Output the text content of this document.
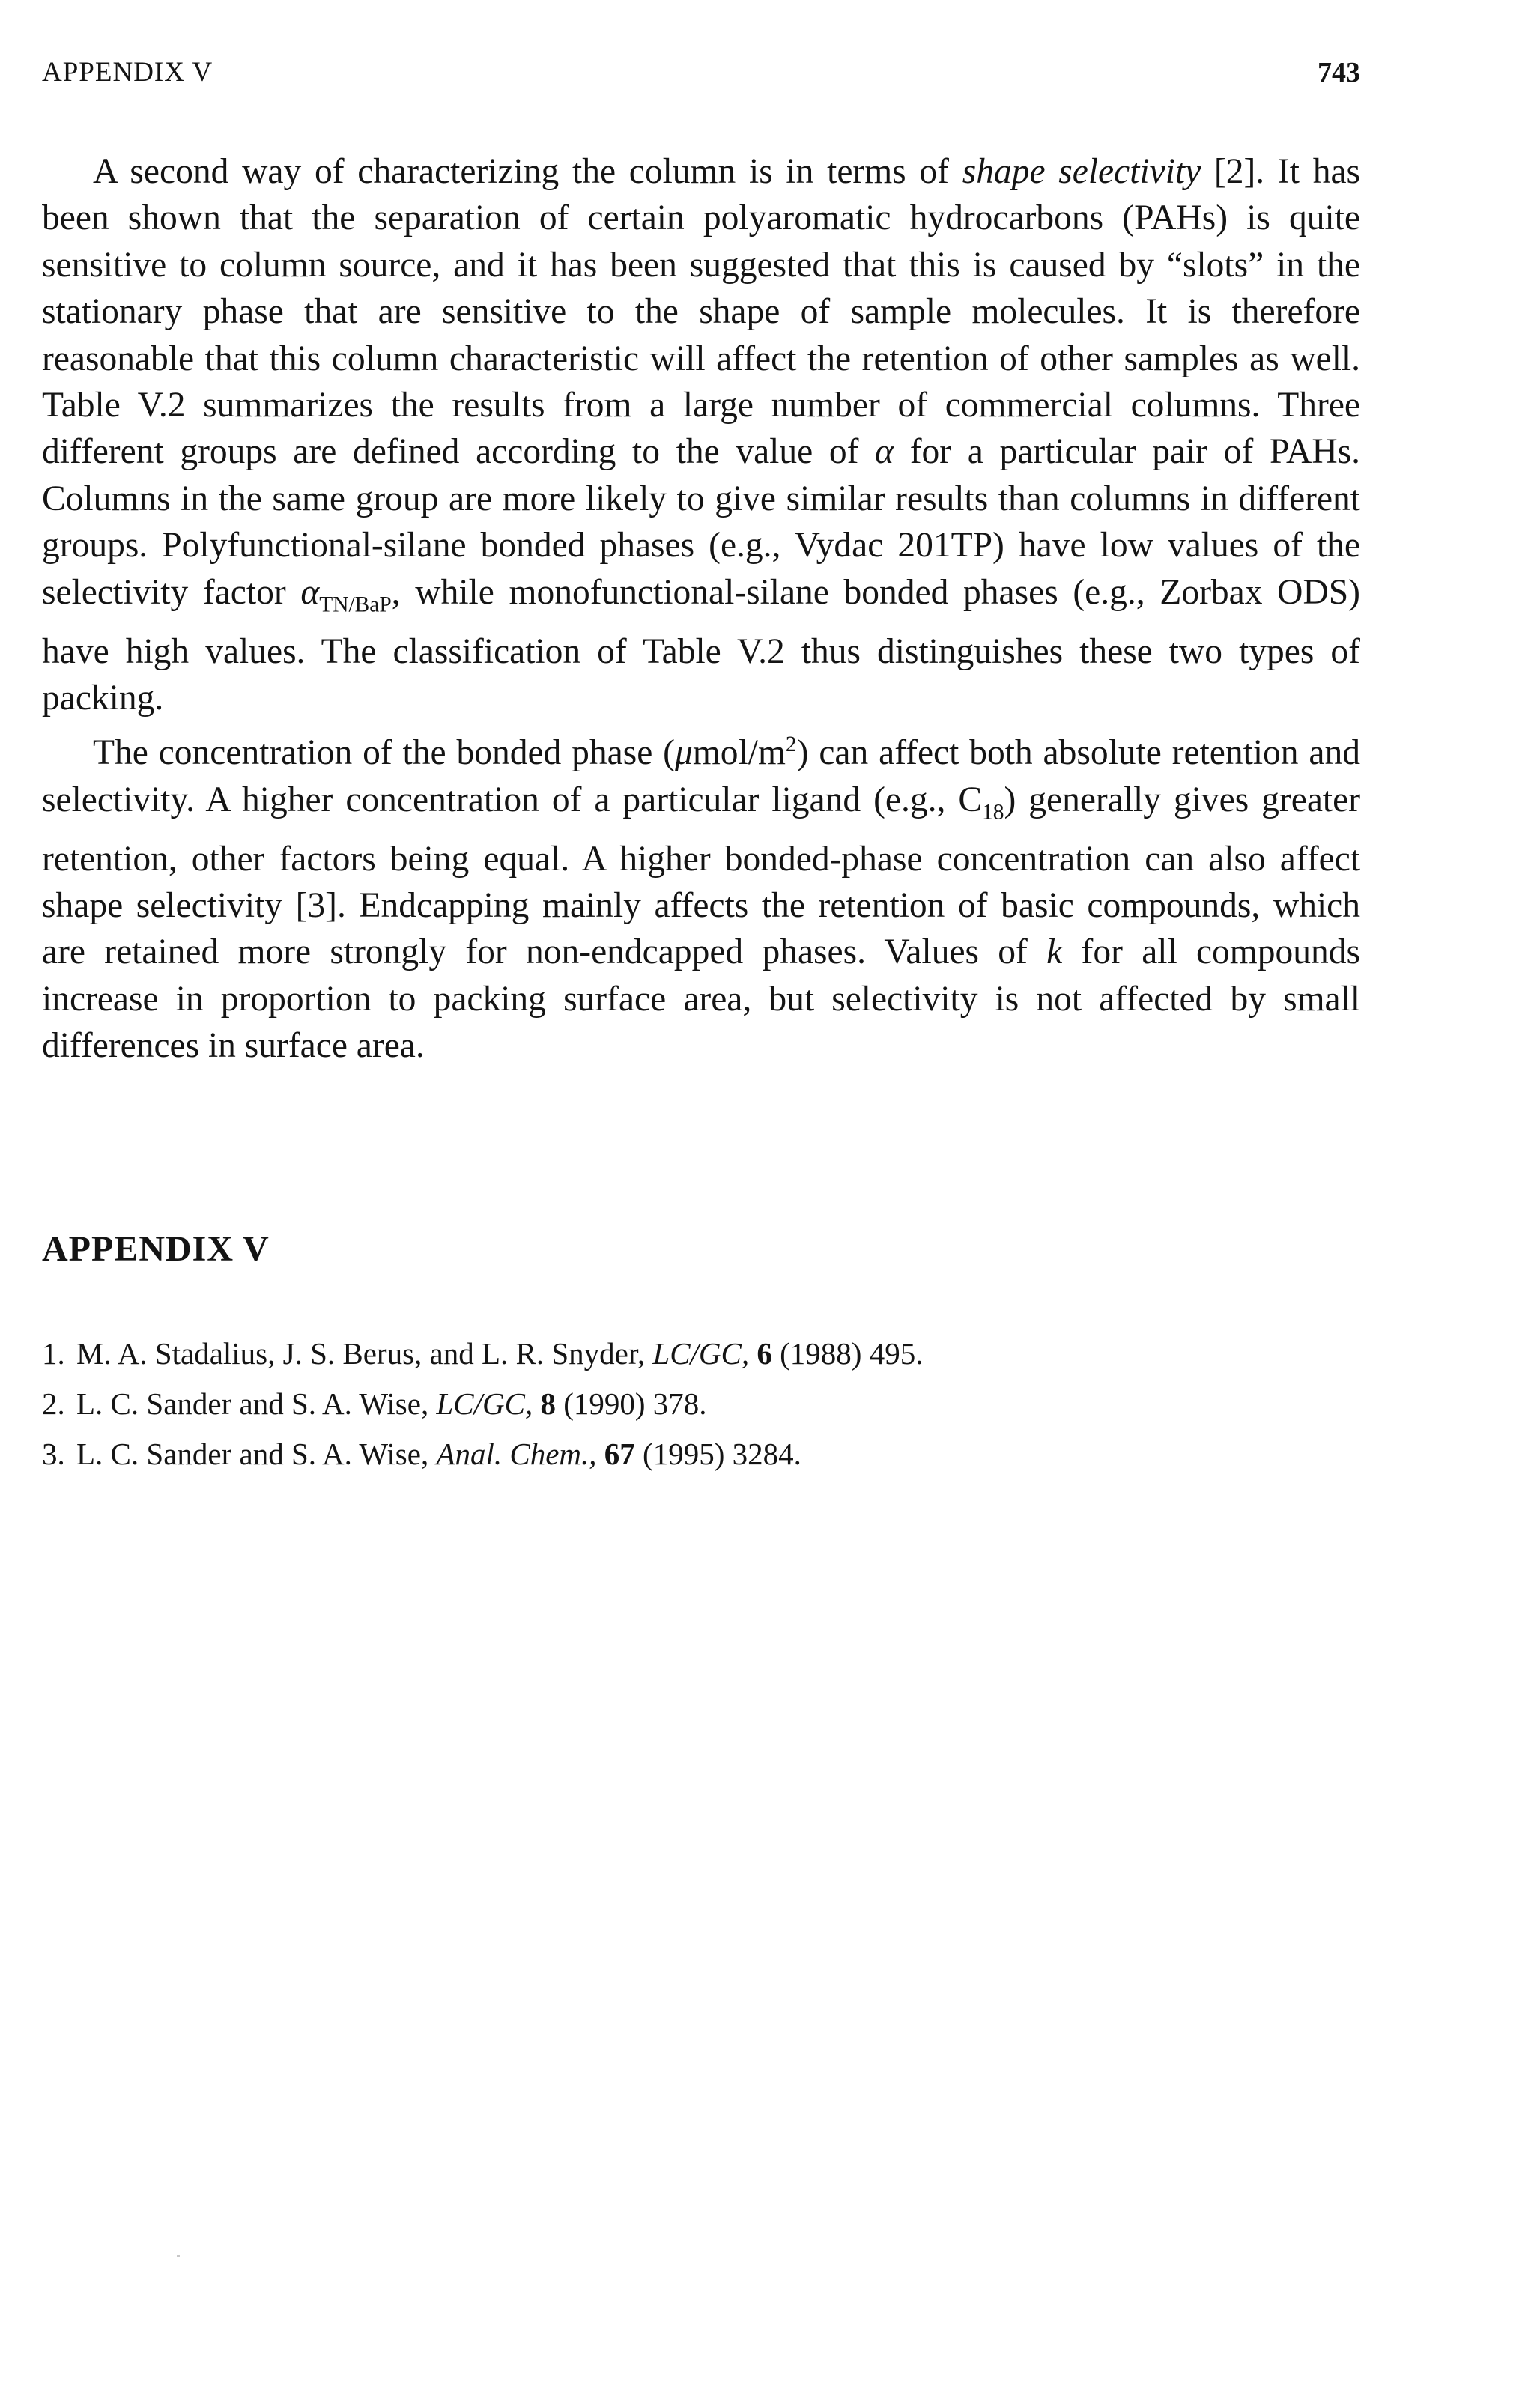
APPENDIX V	743

A second way of characterizing the column is in terms of shape selectivity [2]. It has been shown that the separation of certain polyaromatic hydrocarbons (PAHs) is quite sensitive to column source, and it has been suggested that this is caused by “slots” in the stationary phase that are sensitive to the shape of sample molecules. It is therefore reasonable that this column characteristic will affect the retention of other samples as well. Table V.2 summarizes the results from a large number of commercial columns. Three different groups are defined according to the value of α for a particular pair of PAHs. Columns in the same group are more likely to give similar results than columns in different groups. Polyfunctional-silane bonded phases (e.g., Vydac 201TP) have low values of the selectivity factor $\alpha_{TN/BaP}$, while monofunctional-silane bonded phases (e.g., Zorbax ODS) have high values. The classification of Table V.2 thus distinguishes these two types of packing.

The concentration of the bonded phase $(\mu mol/m^2)$ can affect both absolute retention and selectivity. A higher concentration of a particular ligand (e.g., $C_{18}$) generally gives greater retention, other factors being equal. A higher bonded-phase concentration can also affect shape selectivity [3]. Endcapping mainly affects the retention of basic compounds, which are retained more strongly for non-endcapped phases. Values of k for all compounds increase in proportion to packing surface area, but selectivity is not affected by small differences in surface area.

APPENDIX V
1. M. A. Stadalius, J. S. Berus, and L. R. Snyder, LC/GC, 6 (1988) 495.
2. L. C. Sander and S. A. Wise, LC/GC, 8 (1990) 378.
3. L. C. Sander and S. A. Wise, Anal. Chem., 67 (1995) 3284.
